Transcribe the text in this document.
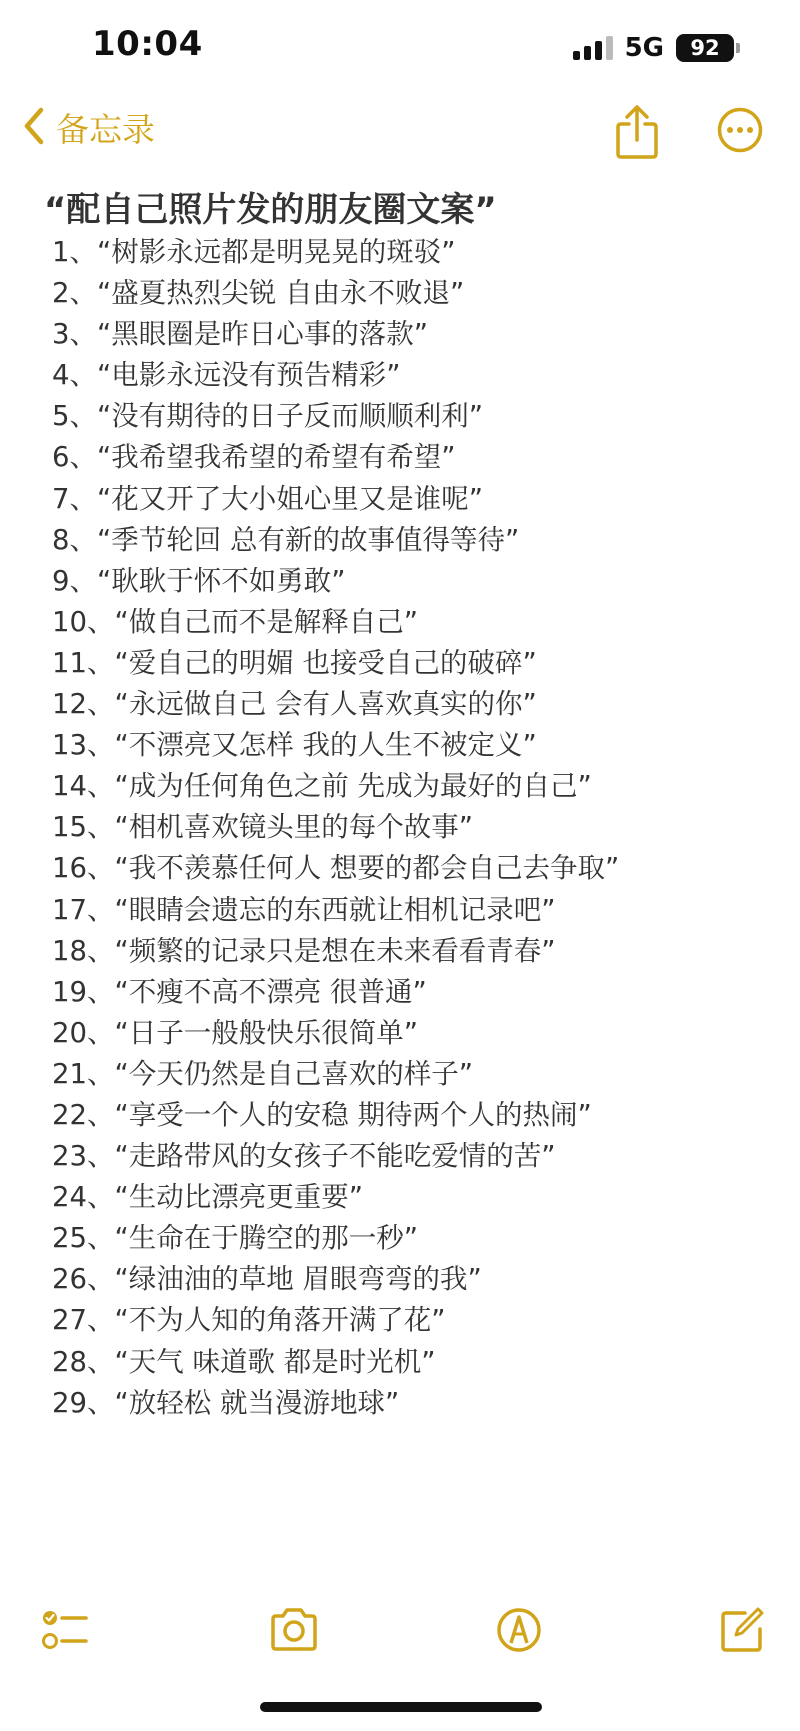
10:04	5G	92
备忘录
“配自己照片发的朋友圈文案”
1、“树影永远都是明晃晃的斑驳”
2、“盛夏热烈尖锐 自由永不败退”
3、“黑眼圈是昨日心事的落款”
4、“电影永远没有预告精彩”
5、“没有期待的日子反而顺顺利利”
6、“我希望我希望的希望有希望”
7、“花又开了大小姐心里又是谁呢”
8、“季节轮回 总有新的故事值得等待”
9、“耿耿于怀不如勇敢”
10、“做自己而不是解释自己”
11、“爱自己的明媚 也接受自己的破碎”
12、“永远做自己 会有人喜欢真实的你”
13、“不漂亮又怎样 我的人生不被定义”
14、“成为任何角色之前 先成为最好的自己”
15、“相机喜欢镜头里的每个故事”
16、“我不羡慕任何人 想要的都会自己去争取”
17、“眼睛会遗忘的东西就让相机记录吧”
18、“频繁的记录只是想在未来看看青春”
19、“不瘦不高不漂亮 很普通”
20、“日子一般般快乐很简单”
21、“今天仍然是自己喜欢的样子”
22、“享受一个人的安稳 期待两个人的热闹”
23、“走路带风的女孩子不能吃爱情的苦”
24、“生动比漂亮更重要”
25、“生命在于腾空的那一秒”
26、“绿油油的草地 眉眼弯弯的我”
27、“不为人知的角落开满了花”
28、“天气 味道歌 都是时光机”
29、“放轻松 就当漫游地球”
